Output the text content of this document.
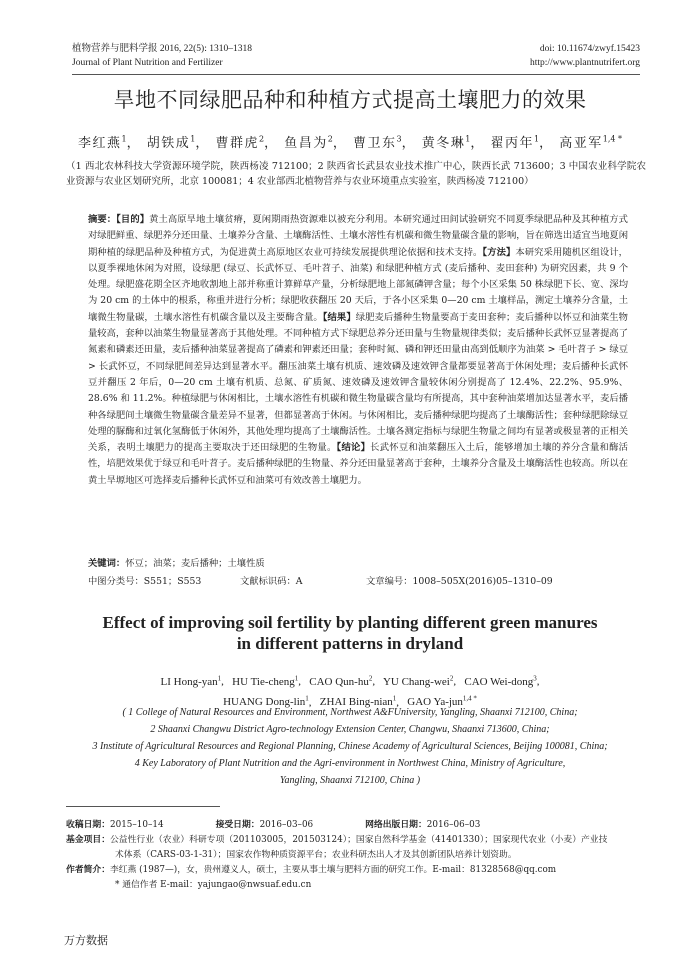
植物营养与肥料学报 2016, 22(5): 1310–1318
Journal of Plant Nutrition and Fertilizer
doi: 10.11674/zwyf.15423
http://www.plantnutrifert.org
旱地不同绿肥品种和种植方式提高土壤肥力的效果
李红燕$^1$， 胡铁成$^1$， 曹群虎$^2$， 鱼昌为$^2$， 曹卫东$^3$， 黄冬琳$^1$， 翟丙年$^1$， 高亚军$^{1,4 *}$
（1 西北农林科技大学资源环境学院，陕西杨凌 712100；2 陕西省长武县农业技术推广中心，陕西长武 713600；3 中国农业科学院农业资源与农业区划研究所，北京 100081；4 农业部西北植物营养与农业环境重点实验室，陕西杨凌 712100）
摘要：【目的】黄土高原旱地土壤贫瘠，夏闲期雨热资源难以被充分利用。本研究通过田间试验研究不同夏季绿肥品种及其种植方式对绿肥鲜重、绿肥养分还田量、土壤养分含量、土壤酶活性、土壤水溶性有机碳和微生物量碳含量的影响，旨在筛选出适宜当地夏闲期种植的绿肥品种及种植方式，为促进黄土高原地区农业可持续发展提供理论依据和技术支持。【方法】本研究采用随机区组设计，以夏季裸地休闲为对照，设绿肥 (绿豆、长武怀豆、毛叶苕子、油菜) 和绿肥种植方式 (麦后播种、麦田套种) 为研究因素，共 9 个处理。绿肥盛花期全区齐地收割地上部并称重计算鲜草产量，分析绿肥地上部氮磷钾含量；每个小区采集 50 株绿肥下长、宽、深均为 20 cm 的土体中的根系，称重并进行分析；绿肥收获翻压 20 天后，于各小区采集 0—20 cm 土壤样品，测定土壤养分含量，土壤微生物量碳，土壤水溶性有机碳含量以及主要酶含量。【结果】绿肥麦后播种生物量要高于麦田套种；麦后播种以怀豆和油菜生物量较高，套种以油菜生物量显著高于其他处理。不同种植方式下绿肥总养分还田量与生物量规律类似；麦后播种长武怀豆显著提高了氮素和磷素还田量，麦后播种油菜显著提高了磷素和钾素还田量；套种时氮、磷和钾还田量由高到低顺序为油菜 > 毛叶苕子 > 绿豆 > 长武怀豆，不同绿肥间差异达到显著水平。翻压油菜土壤有机质、速效磷及速效钾含量都要显著高于休闲处理；麦后播种长武怀豆并翻压 2 年后，0—20 cm 土壤有机质、总氮、矿质氮、速效磷及速效钾含量较休闲分别提高了 12.4%、22.2%、95.9%、28.6% 和 11.2%。种植绿肥与休闲相比，土壤水溶性有机碳和微生物量碳含量均有所提高，其中套种油菜增加达显著水平，麦后播种各绿肥间土壤微生物量碳含量差异不显著，但都显著高于休闲。与休闲相比，麦后播种绿肥均提高了土壤酶活性；套种绿肥除绿豆处理的脲酶和过氧化氢酶低于休闲外，其他处理均提高了土壤酶活性。土壤各测定指标与绿肥生物量之间均有显著或极显著的正相关关系，表明土壤肥力的提高主要取决于还田绿肥的生物量。【结论】长武怀豆和油菜翻压入土后，能够增加土壤的养分含量和酶活性，培肥效果优于绿豆和毛叶苕子。麦后播种绿肥的生物量、养分还田量显著高于套种，土壤养分含量及土壤酶活性也较高。所以在黄土旱塬地区可选择麦后播种长武怀豆和油菜可有效改善土壤肥力。
关键词：怀豆；油菜；麦后播种；土壤性质
中图分类号：S551；S553	文献标识码：A	文章编号：1008–505X(2016)05–1310–09
Effect of improving soil fertility by planting different green manures
in different patterns in dryland
LI Hong-yan$^1$,   HU Tie-cheng$^1$,   CAO Qun-$hu^2$,   YU Chang-wei$^2$,   CAO Wei-dong$^3$,
HUANG Dong-lin$^1$,   ZHAI Bing-nian$^1$,   GAO Ya-jun$^{1,4 *}$
( 1 College of Natural Resources and Environment, Northwest A&FUniversity, Yangling, Shaanxi 712100, China;
2 Shaanxi Changwu District Agro-technology Extension Center, Changwu, Shaanxi 713600, China;
3 Institute of Agricultural Resources and Regional Planning, Chinese Academy of Agricultural Sciences, Beijing 100081, China;
4 Key Laboratory of Plant Nutrition and the Agri-environment in Northwest China, Ministry of Agriculture,
Yangling, Shaanxi 712100, China )
收稿日期：2015–10–14	接受日期：2016–03–06	网络出版日期：2016–06–03
基金项目： 公益性行业（农业）科研专项（201103005，201503124）；国家自然科学基金（41401330）；国家现代农业（小麦）产业技
术体系（CARS-03-1-31）；国家农作物种质资源平台；农业科研杰出人才及其创新团队培养计划资助。
作者简介： 李红燕 (1987—)，女，贵州遵义人，硕士，主要从事土壤与肥料方面的研究工作。E-mail：81328568@qq.com
* 通信作者 E-mail：yajungao@nwsuaf.edu.cn
万方数据
